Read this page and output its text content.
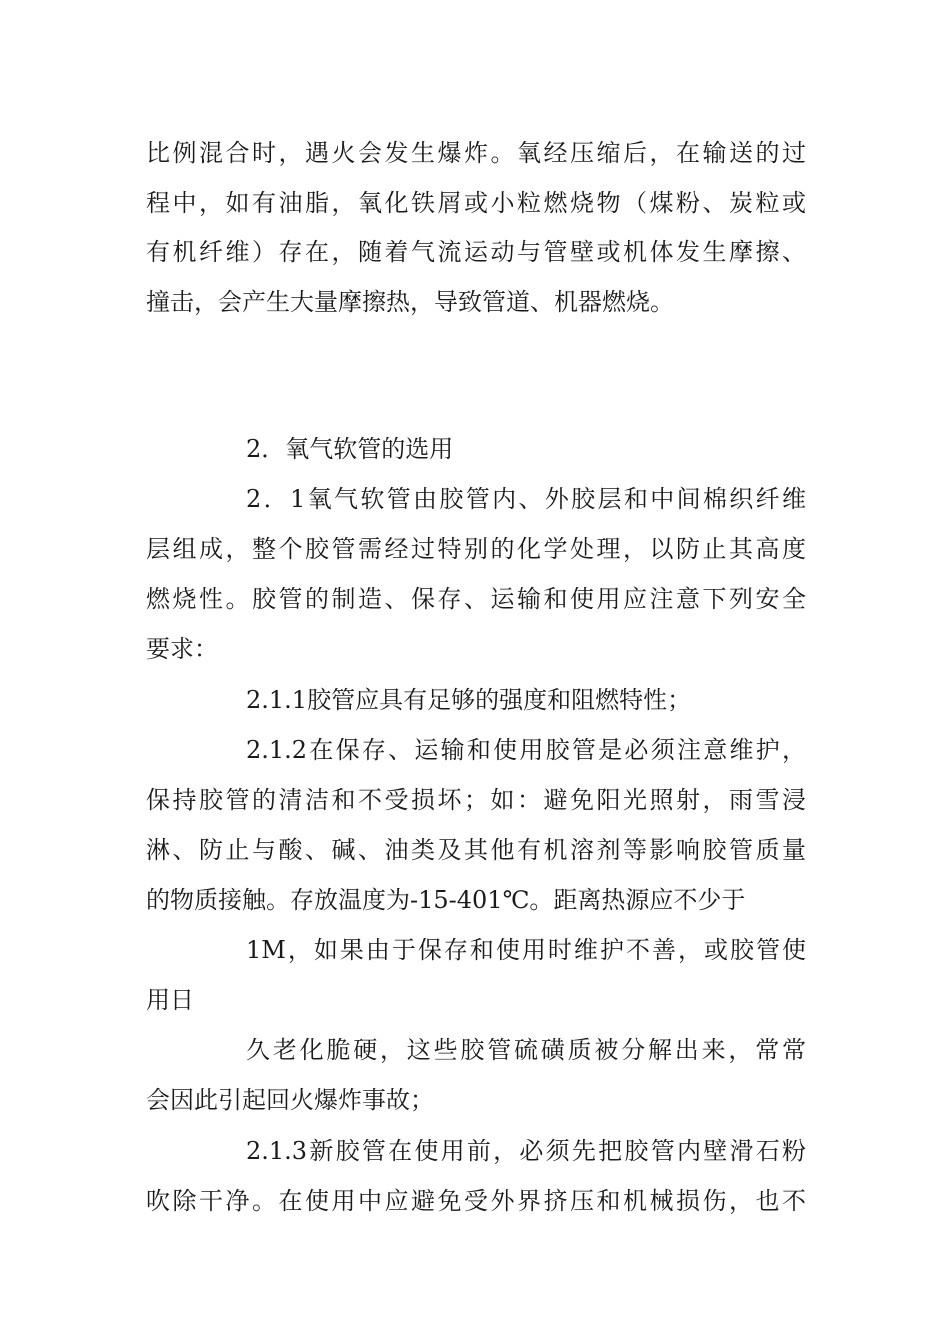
比例混合时，遇火会发生爆炸。氧经压缩后，在输送的过
程中，如有油脂，氧化铁屑或小粒燃烧物（煤粉、炭粒或
有机纤维）存在，随着气流运动与管壁或机体发生摩擦、
撞击，会产生大量摩擦热，导致管道、机器燃烧。
2．氧气软管的选用
2．1氧气软管由胶管内、外胶层和中间棉织纤维
层组成，整个胶管需经过特别的化学处理，以防止其高度
燃烧性。胶管的制造、保存、运输和使用应注意下列安全
要求：
2.1.1胶管应具有足够的强度和阻燃特性；
2.1.2在保存、运输和使用胶管是必须注意维护，
保持胶管的清洁和不受损坏；如：避免阳光照射，雨雪浸
淋、防止与酸、碱、油类及其他有机溶剂等影响胶管质量
的物质接触。存放温度为-15-401℃。距离热源应不少于
1M，如果由于保存和使用时维护不善，或胶管使
用日
久老化脆硬，这些胶管硫磺质被分解出来，常常
会因此引起回火爆炸事故；
2.1.3新胶管在使用前，必须先把胶管内壁滑石粉
吹除干净。在使用中应避免受外界挤压和机械损伤，也不
